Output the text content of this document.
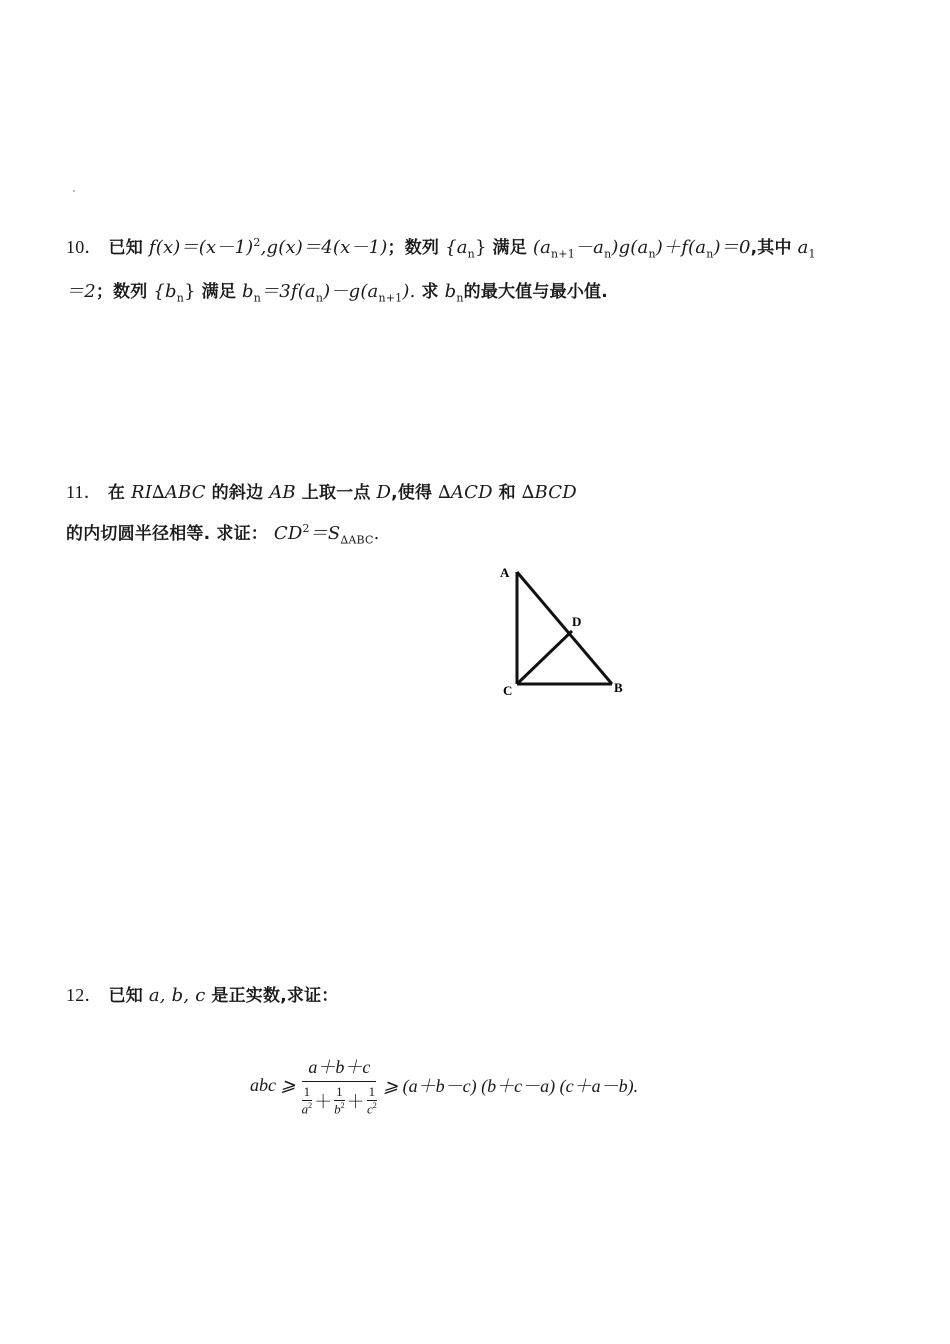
10． 已知 $f(x)=(x-1)^2,g(x)=4(x-1)$；数列 $\{a_n\}$ 满足 $(a_{n+1}-a_n)g(a_n)+f(a_n)=0$,其中 $a_1$
＝2；数列 $\{b_n\}$ 满足 $b_n=3f(a_n)-g(a_{n+1})$. 求 $b_n$的最大值与最小值.
11． 在 RI∆ABC 的斜边 AB 上取一点 D,使得 ∆ACD 和 ∆BCD
的内切圆半径相等. 求证： $CD^2=S_{\Delta ABC}$.
A
D
C	B
12． 已知 a, b, c 是正实数,求证：
abc ⩾
a＋b＋c
$\frac{1}{a^2} + \frac{1}{b^2} + \frac{1}{c^2}$ ⩾ (a＋b－c) (b＋c－a) (c＋a－b).
